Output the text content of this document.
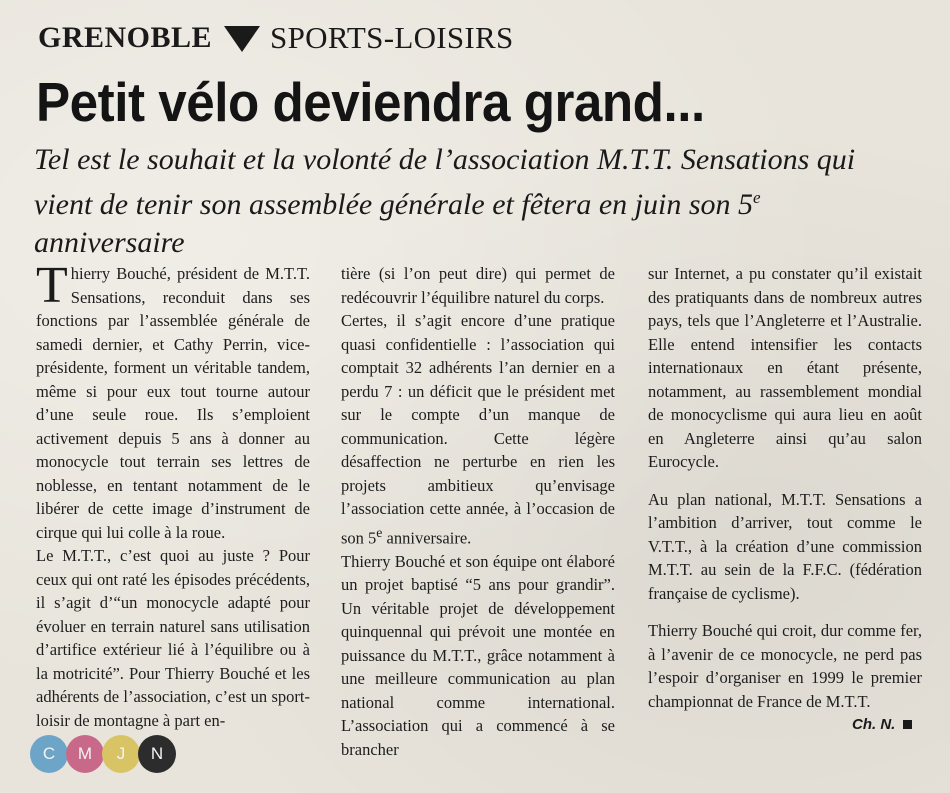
GRENOBLE SPORTS-LOISIRS
Petit vélo deviendra grand...
Tel est le souhait et la volonté de l’association M.T.T. Sensations qui vient de tenir son assemblée générale et fêtera en juin son 5e anniversaire

Thierry Bouché, président de M.T.T. Sensations, reconduit dans ses fonctions par l’assemblée générale de samedi dernier, et Cathy Perrin, vice-présidente, forment un véritable tandem, même si pour eux tout tourne autour d’une seule roue. Ils s’emploient activement depuis 5 ans à donner au monocycle tout terrain ses lettres de noblesse, en tentant notamment de le libérer de cette image d’instrument de cirque qui lui colle à la roue.

Le M.T.T., c’est quoi au juste ? Pour ceux qui ont raté les épisodes précédents, il s’agit d’“un monocycle adapté pour évoluer en terrain naturel sans utilisation d’artifice extérieur lié à l’équilibre ou à la motricité”. Pour Thierry Bouché et les adhérents de l’association, c’est un sport-loisir de montagne à part en-

tière (si l’on peut dire) qui permet de redécouvrir l’équilibre naturel du corps.

Certes, il s’agit encore d’une pratique quasi confidentielle : l’association qui comptait 32 adhérents l’an dernier en a perdu 7 : un déficit que le président met sur le compte d’un manque de communication. Cette légère désaffection ne perturbe en rien les projets ambitieux qu’envisage l’association cette année, à l’occasion de son 5e anniversaire.

Thierry Bouché et son équipe ont élaboré un projet baptisé “5 ans pour grandir”. Un véritable projet de développement quinquennal qui prévoit une montée en puissance du M.T.T., grâce notamment à une meilleure communication au plan national comme international. L’association qui a commencé à se brancher

sur Internet, a pu constater qu’il existait des pratiquants dans de nombreux autres pays, tels que l’Angleterre et l’Australie. Elle entend intensifier les contacts internationaux en étant présente, notamment, au rassemblement mondial de monocyclisme qui aura lieu en août en Angleterre ainsi qu’au salon Eurocycle.

Au plan national, M.T.T. Sensations a l’ambition d’arriver, tout comme le V.T.T., à la création d’une commission M.T.T. au sein de la F.F.C. (fédération française de cyclisme).

Thierry Bouché qui croit, dur comme fer, à l’avenir de ce monocycle, ne perd pas l’espoir d’organiser en 1999 le premier championnat de France de M.T.T.

Ch. N.
C	M	J	N
